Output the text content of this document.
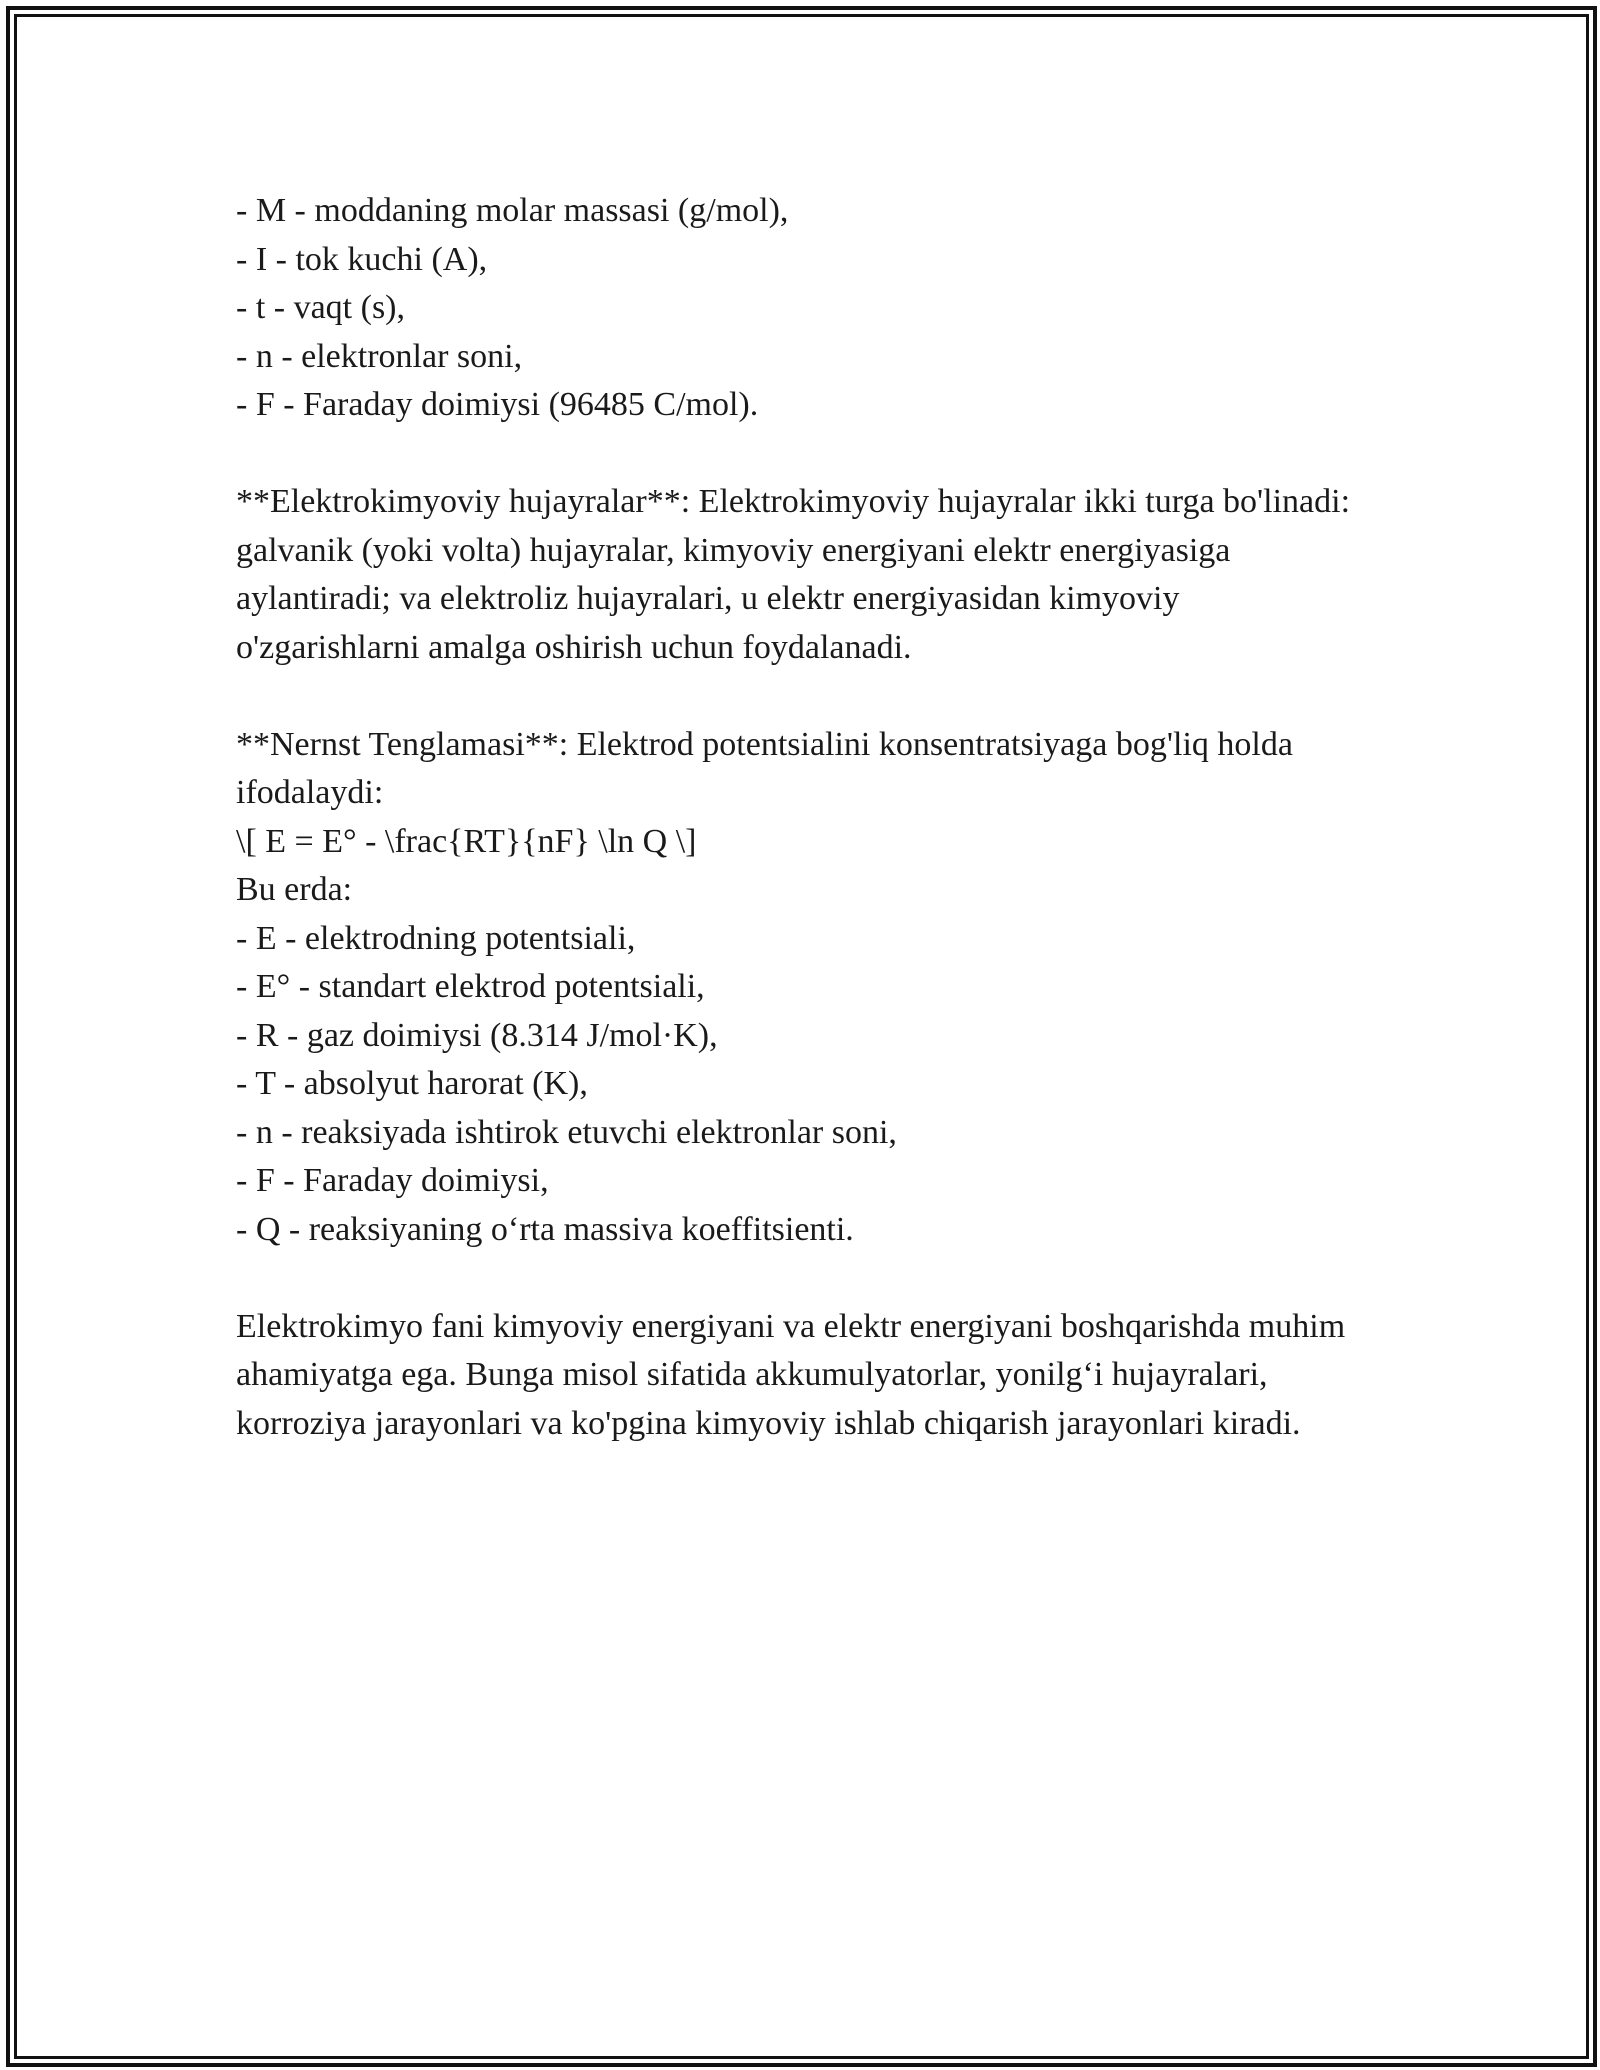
- M - moddaning molar massasi (g/mol),
- I - tok kuchi (A),
- t - vaqt (s),
- n - elektronlar soni,
- F - Faraday doimiysi (96485 C/mol).
**Elektrokimyoviy hujayralar**: Elektrokimyoviy hujayralar ikki turga bo'linadi: galvanik (yoki volta) hujayralar, kimyoviy energiyani elektr energiyasiga aylantiradi; va elektroliz hujayralari, u elektr energiyasidan kimyoviy o'zgarishlarni amalga oshirish uchun foydalanadi.
**Nernst Tenglamasi**: Elektrod potentsialini konsentratsiyaga bog'liq holda ifodalaydi:
\[ E = E° - \frac{RT}{nF} \ln Q \]
Bu erda:
- E - elektrodning potentsiali,
- E° - standart elektrod potentsiali,
- R - gaz doimiysi (8.314 J/mol·K),
- T - absolyut harorat (K),
- n - reaksiyada ishtirok etuvchi elektronlar soni,
- F - Faraday doimiysi,
- Q - reaksiyaning o‘rta massiva koeffitsienti.
Elektrokimyo fani kimyoviy energiyani va elektr energiyani boshqarishda muhim ahamiyatga ega. Bunga misol sifatida akkumulyatorlar, yonilg‘i hujayralari, korroziya jarayonlari va ko'pgina kimyoviy ishlab chiqarish jarayonlari kiradi.
